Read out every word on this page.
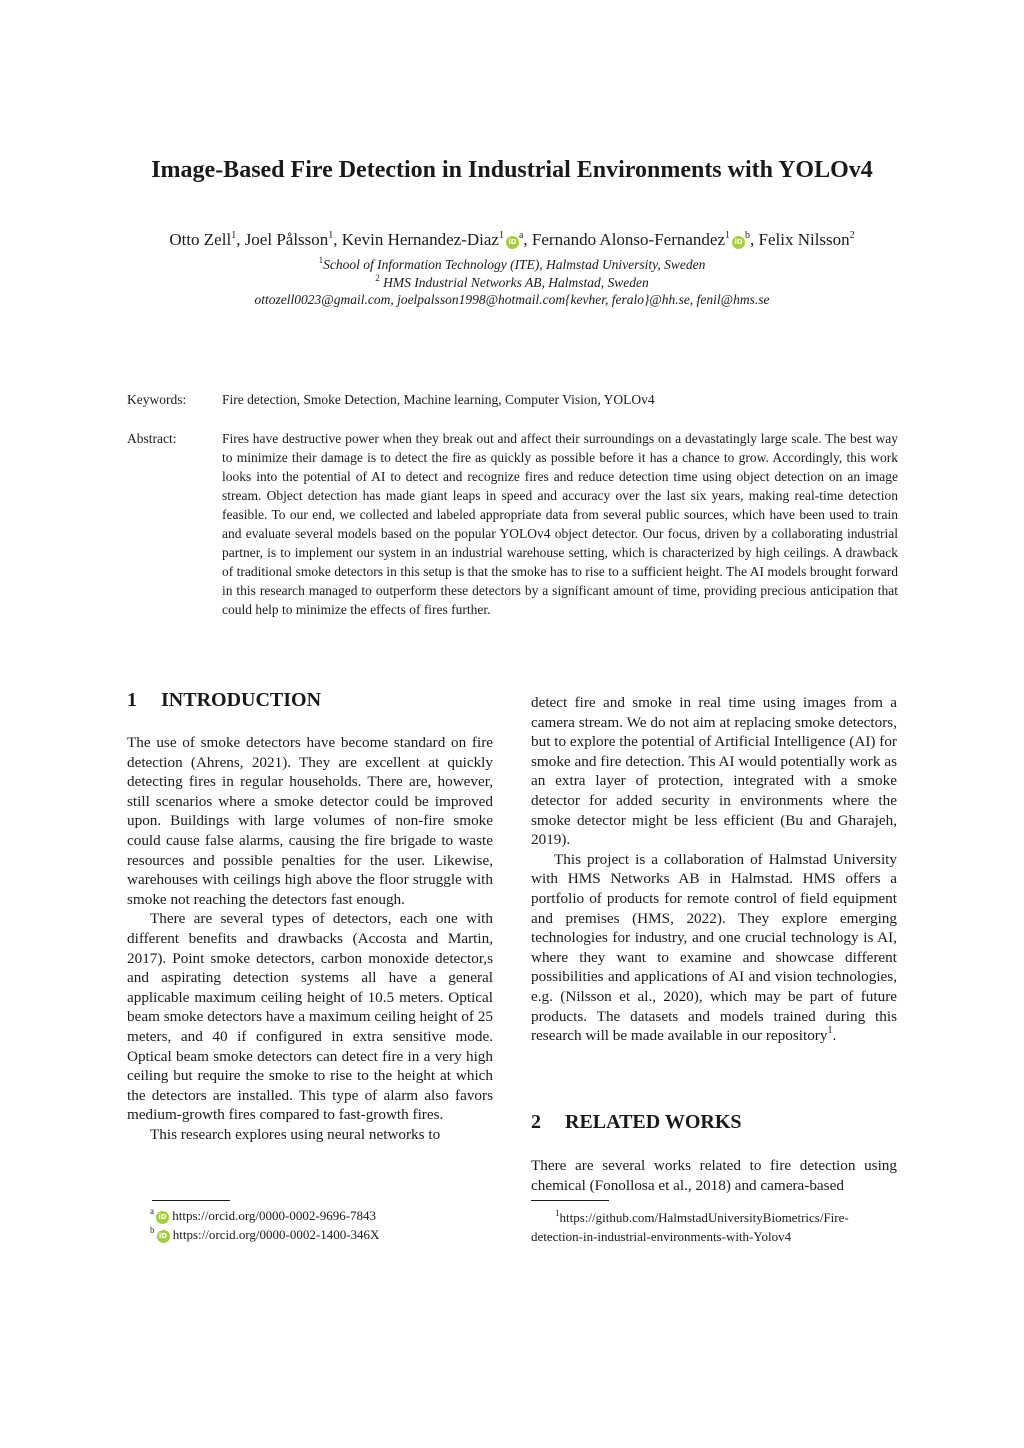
Image-Based Fire Detection in Industrial Environments with YOLOv4
Otto Zell$^1$, Joel Pålsson$^1$, Kevin Hernandez-$Diaz^1iD^a$, Fernando Alonso-$Fernandez^1iD^b$, Felix Nilsson$^2$
$^1$School of Information Technology (ITE), Halmstad University, Sweden
$^2$ HMS Industrial Networks AB, Halmstad, Sweden
ottozell0023@gmail.com, joelpalsson1998@hotmail.com{kevher, feralo}@hh.se, fenil@hms.se
Keywords:	Fire detection, Smoke Detection, Machine learning, Computer Vision, YOLOv4
Abstract:	Fires have destructive power when they break out and affect their surroundings on a devastatingly large scale. The best way to minimize their damage is to detect the fire as quickly as possible before it has a chance to grow. Accordingly, this work looks into the potential of AI to detect and recognize fires and reduce detection time using object detection on an image stream. Object detection has made giant leaps in speed and accuracy over the last six years, making real-time detection feasible. To our end, we collected and labeled appropriate data from several public sources, which have been used to train and evaluate several models based on the popular YOLOv4 object detector. Our focus, driven by a collaborating industrial partner, is to implement our system in an industrial warehouse setting, which is characterized by high ceilings. A drawback of traditional smoke detectors in this setup is that the smoke has to rise to a sufficient height. The AI models brought forward in this research managed to outperform these detectors by a significant amount of time, providing precious anticipation that could help to minimize the effects of fires further.
1 INTRODUCTION

The use of smoke detectors have become standard on fire detection (Ahrens, 2021). They are excellent at quickly detecting fires in regular households. There are, however, still scenarios where a smoke detector could be improved upon. Buildings with large volumes of non-fire smoke could cause false alarms, causing the fire brigade to waste resources and possible penalties for the user. Likewise, warehouses with ceilings high above the floor struggle with smoke not reaching the detectors fast enough.

There are several types of detectors, each one with different benefits and drawbacks (Accosta and Martin, 2017). Point smoke detectors, carbon monoxide detector,s and aspirating detection systems all have a general applicable maximum ceiling height of 10.5 meters. Optical beam smoke detectors have a maximum ceiling height of 25 meters, and 40 if configured in extra sensitive mode. Optical beam smoke detectors can detect fire in a very high ceiling but require the smoke to rise to the height at which the detectors are installed. This type of alarm also favors medium-growth fires compared to fast-growth fires.

This research explores using neural networks to

$^a$iD https://orcid.org/0000-0002-9696-7843
$^b$iD https://orcid.org/0000-0002-1400-346X

detect fire and smoke in real time using images from a camera stream. We do not aim at replacing smoke detectors, but to explore the potential of Artificial Intelligence (AI) for smoke and fire detection. This AI would potentially work as an extra layer of protection, integrated with a smoke detector for added security in environments where the smoke detector might be less efficient (Bu and Gharajeh, 2019).

This project is a collaboration of Halmstad University with HMS Networks AB in Halmstad. HMS offers a portfolio of products for remote control of field equipment and premises (HMS, 2022). They explore emerging technologies for industry, and one crucial technology is AI, where they want to examine and showcase different possibilities and applications of AI and vision technologies, e.g. (Nilsson et al., 2020), which may be part of future products. The datasets and models trained during this research will be made available in our repository$^1$.

2 RELATED WORKS

There are several works related to fire detection using chemical (Fonollosa et al., 2018) and camera-based

$^1$https://github.com/HalmstadUniversityBiometrics/Fire-
detection-in-industrial-environments-with-Yolov4
